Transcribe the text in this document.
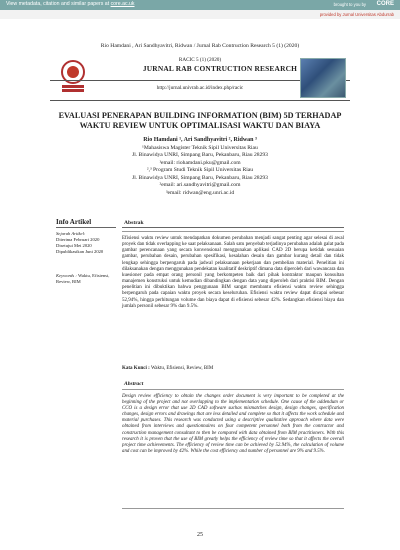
View metadata, citation and similar papers at core.ac.uk	brought to you by CORE
provided by Jurnal Universitas Abdurrab
Rio Hamdani , Ari Sandhyavitri, Ridwan / Jurnal Rab Contruction Research 5 (1) (2020)
RACIC 5 (1) (2020)
JURNAL RAB CONTRUCTION RESEARCH
http://jurnal.univrab.ac.id/index.php/racic
EVALUASI PENERAPAN BUILDING INFORMATION (BIM) 5D TERHADAP
WAKTU REVIEW UNTUK OPTIMALISASI WAKTU DAN BIAYA
Rio Hamdani ¹, Ari Sandhyavitri ², Ridwan ³
¹Mahasiswa Magister Teknik Sipil Universitas Riau
Jl. Binawidya UNRI, Simpang Baru, Pekanbaru, Riau 28293
¹email: riohamdani.pku@gmail.com
²,³ Program Studi Teknik Sipil Universitas Riau
Jl. Binawidya UNRI, Simpang Baru, Pekanbaru, Riau 28293
²email: ari.sandhyavitri@gmail.com
³email: ridwan@eng.unri.ac.id
Info Artikel	Abstrak
Sejarah Artikel:
Diterima Februari 2020
Disetujui Mei 2020
Dipublikasikan Juni 2020
Keywords : Waktu, Efisiensi, Review, BIM
Efisiensi waktu review untuk mendapatkan dokumen perubahan menjadi sangat penting agar selesai di awal proyek dan tidak overlapping ke saat pelaksanaan. Salah satu penyebab terjadinya perubahan adalah galat pada gambar perencanaan yang secara konvensional menggunakan aplikasi CAD 2D berupa ketidak sesuaian gambar, perubahan desain, perubahan spesifikasi, kesalahan desain dan gambar kurang detail dan tidak lengkap sehingga berpengaruh pada jadwal pelaksanaan pekerjaan dan pembelian material. Penelitian ini dilaksanakan dengan menggunakan pendekatan kualitatif deskriptif dimana data diperoleh dari wawancara dan kuesioner pada empat orang personil yang berkompeten baik dari pihak kontraktor maupun konsultan manajemen konstruksi untuk kemudian dibandingkan dengan data yang diperoleh dari praktisi BIM. Dengan penelitian ini dibuktikan bahwa penggunaan BIM sangat membantu efisiensi waktu review sehingga berpengaruh pada capaian waktu proyek secara keseluruhan. Efisiensi waktu review dapat dicapai sebesar 52,94%, hingga perhitungan volume dan biaya dapat di efisiensi sebesar 42%. Sedangkan efisiensi biaya dan jumlah personil sebesar 9% dan 9.5%.
Kata Kunci : Waktu, Efisiensi, Review, BIM
Abstract
Design review efficiency to obtain the changes order document is very important to be completed at the beginning of the project and not overlapping to the implementation schedule. One cause of the addendum or CCO is a design error that use 2D CAD software suchas mismatches design, design changes, specification changes, design errors and drawings that are less detailed and complete so that it affects the work schedule and material purchases. This research was conducted using a descriptive qualitative approach where data were obtained from interviews and questionnaires on four competent personnel both from the contractor and construction management consultant to then be compared with data obtained from BIM practitioners. With this research it is proven that the use of BIM greatly helps the efficiency of review time so that it affects the overall project time achievements. The efficiency of review time can be achieved by 52.94%, the calculation of volume and cost can be improved by 42%. While the cost efficiency and number of personnel are 9% and 9.5%.
25
